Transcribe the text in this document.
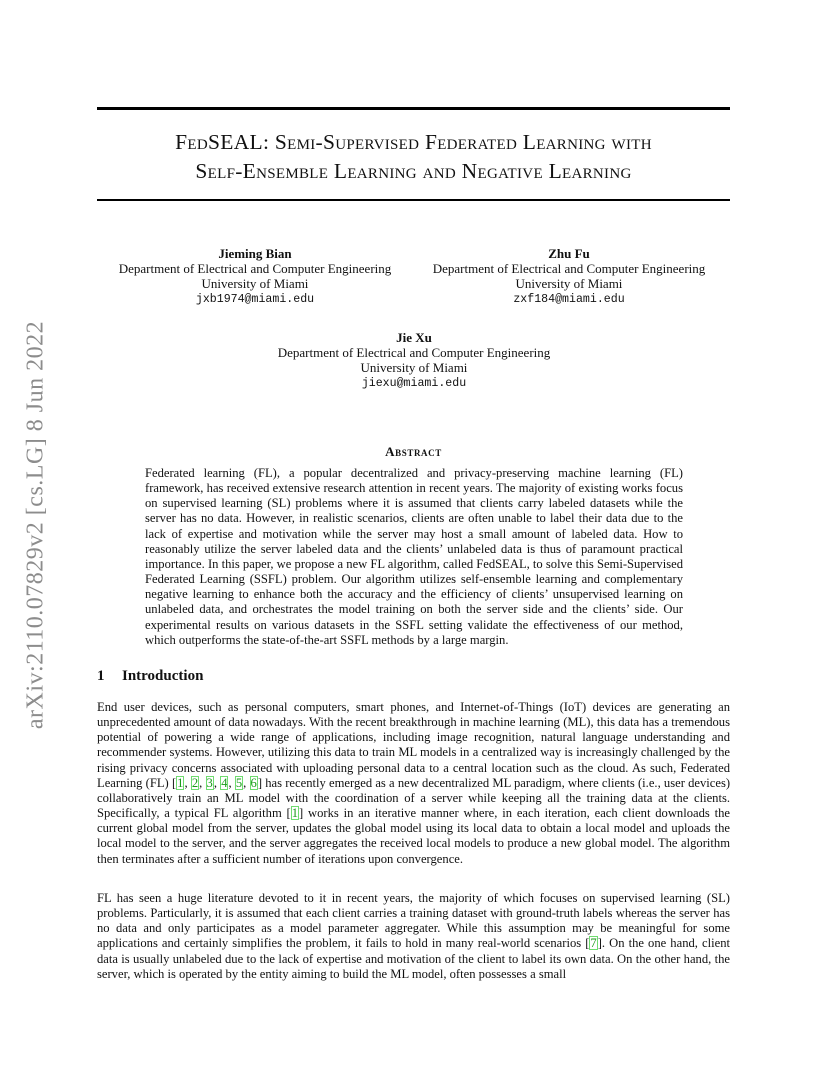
arXiv:2110.07829v2 [cs.LG] 8 Jun 2022
FedSEAL: Semi-Supervised Federated Learning with
Self-Ensemble Learning and Negative Learning
Jieming Bian
Department of Electrical and Computer Engineering
University of Miami
jxb1974@miami.edu
Zhu Fu
Department of Electrical and Computer Engineering
University of Miami
zxf184@miami.edu
Jie Xu
Department of Electrical and Computer Engineering
University of Miami
jiexu@miami.edu
Abstract
Federated learning (FL), a popular decentralized and privacy-preserving machine learning (FL) framework, has received extensive research attention in recent years. The majority of existing works focus on supervised learning (SL) problems where it is assumed that clients carry labeled datasets while the server has no data. However, in realistic scenarios, clients are often unable to label their data due to the lack of expertise and motivation while the server may host a small amount of labeled data. How to reasonably utilize the server labeled data and the clients’ unlabeled data is thus of paramount practical importance. In this paper, we propose a new FL algorithm, called FedSEAL, to solve this Semi-Supervised Federated Learning (SSFL) problem. Our algorithm utilizes self-ensemble learning and complementary negative learning to enhance both the accuracy and the efficiency of clients’ unsupervised learning on unlabeled data, and orchestrates the model training on both the server side and the clients’ side. Our experimental results on various datasets in the SSFL setting validate the effectiveness of our method, which outperforms the state-of-the-art SSFL methods by a large margin.
1 Introduction

End user devices, such as personal computers, smart phones, and Internet-of-Things (IoT) devices are generating an unprecedented amount of data nowadays. With the recent breakthrough in machine learning (ML), this data has a tremendous potential of powering a wide range of applications, including image recognition, natural language understanding and recommender systems. However, utilizing this data to train ML models in a centralized way is increasingly challenged by the rising privacy concerns associated with uploading personal data to a central location such as the cloud. As such, Federated Learning (FL) [1, 2, 3, 4, 5, 6] has recently emerged as a new decentralized ML paradigm, where clients (i.e., user devices) collaboratively train an ML model with the coordination of a server while keeping all the training data at the clients. Specifically, a typical FL algorithm [1] works in an iterative manner where, in each iteration, each client downloads the current global model from the server, updates the global model using its local data to obtain a local model and uploads the local model to the server, and the server aggregates the received local models to produce a new global model. The algorithm then terminates after a sufficient number of iterations upon convergence.

FL has seen a huge literature devoted to it in recent years, the majority of which focuses on supervised learning (SL) problems. Particularly, it is assumed that each client carries a training dataset with ground-truth labels whereas the server has no data and only participates as a model parameter aggregater. While this assumption may be meaningful for some applications and certainly simplifies the problem, it fails to hold in many real-world scenarios [7]. On the one hand, client data is usually unlabeled due to the lack of expertise and motivation of the client to label its own data. On the other hand, the server, which is operated by the entity aiming to build the ML model, often possesses a small
